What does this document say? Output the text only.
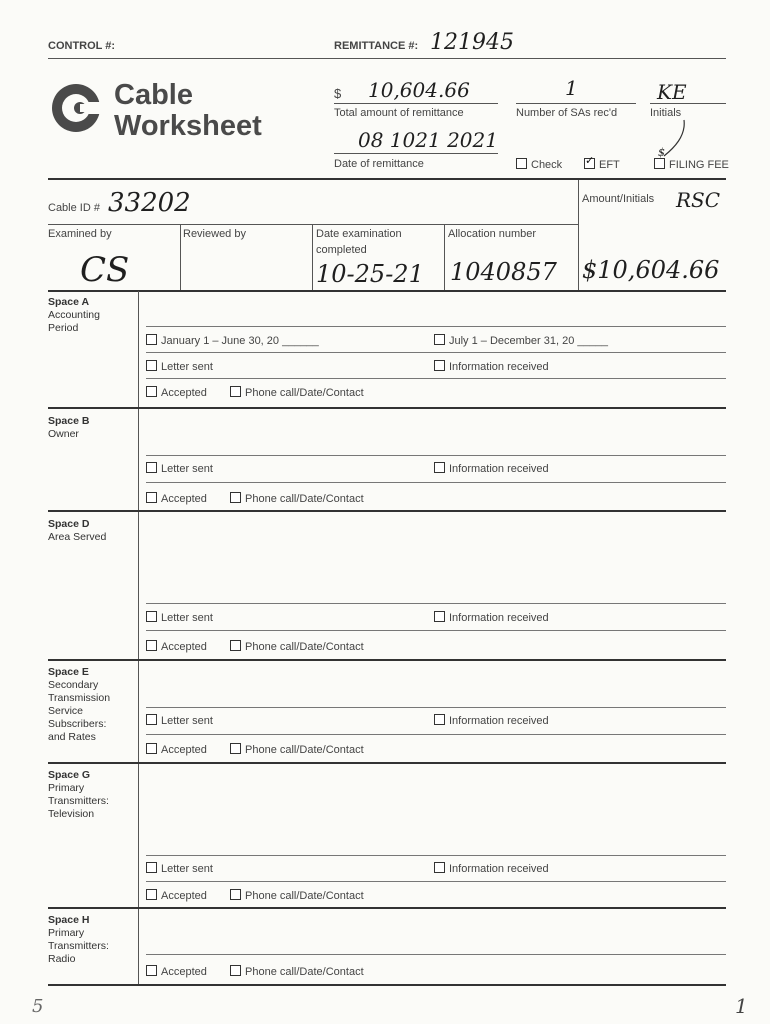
CONTROL #:	REMITTANCE #: 121945
Cable
Worksheet
$ 10,604.66
Total amount of remittance
1
Number of SAs rec'd
KE
Initials
08 1021 2021
Date of remittance	Check
✓	EFT	FILING FEE
$
Cable ID # 33202	Amount/Initials RSC
Examined by
CS
Reviewed by	Date examination
completed
10-25-21
Allocation number
1040857 $10,604.66
Space A
Accounting
Period
January 1 – June 30, 20 ______	July 1 – December 31, 20 _____
Letter sent	Information received
Accepted	Phone call/Date/Contact
Space B
Owner
Letter sent	Information received
Accepted	Phone call/Date/Contact
Space D
Area Served
Letter sent	Information received
Accepted	Phone call/Date/Contact
Space E
Secondary
Transmission
Service
Subscribers:
and Rates
Letter sent	Information received
Accepted	Phone call/Date/Contact
Space G
Primary
Transmitters:
Television
Letter sent	Information received
Accepted	Phone call/Date/Contact
Space H
Primary
Transmitters:
Radio
Accepted	Phone call/Date/Contact
5	1
